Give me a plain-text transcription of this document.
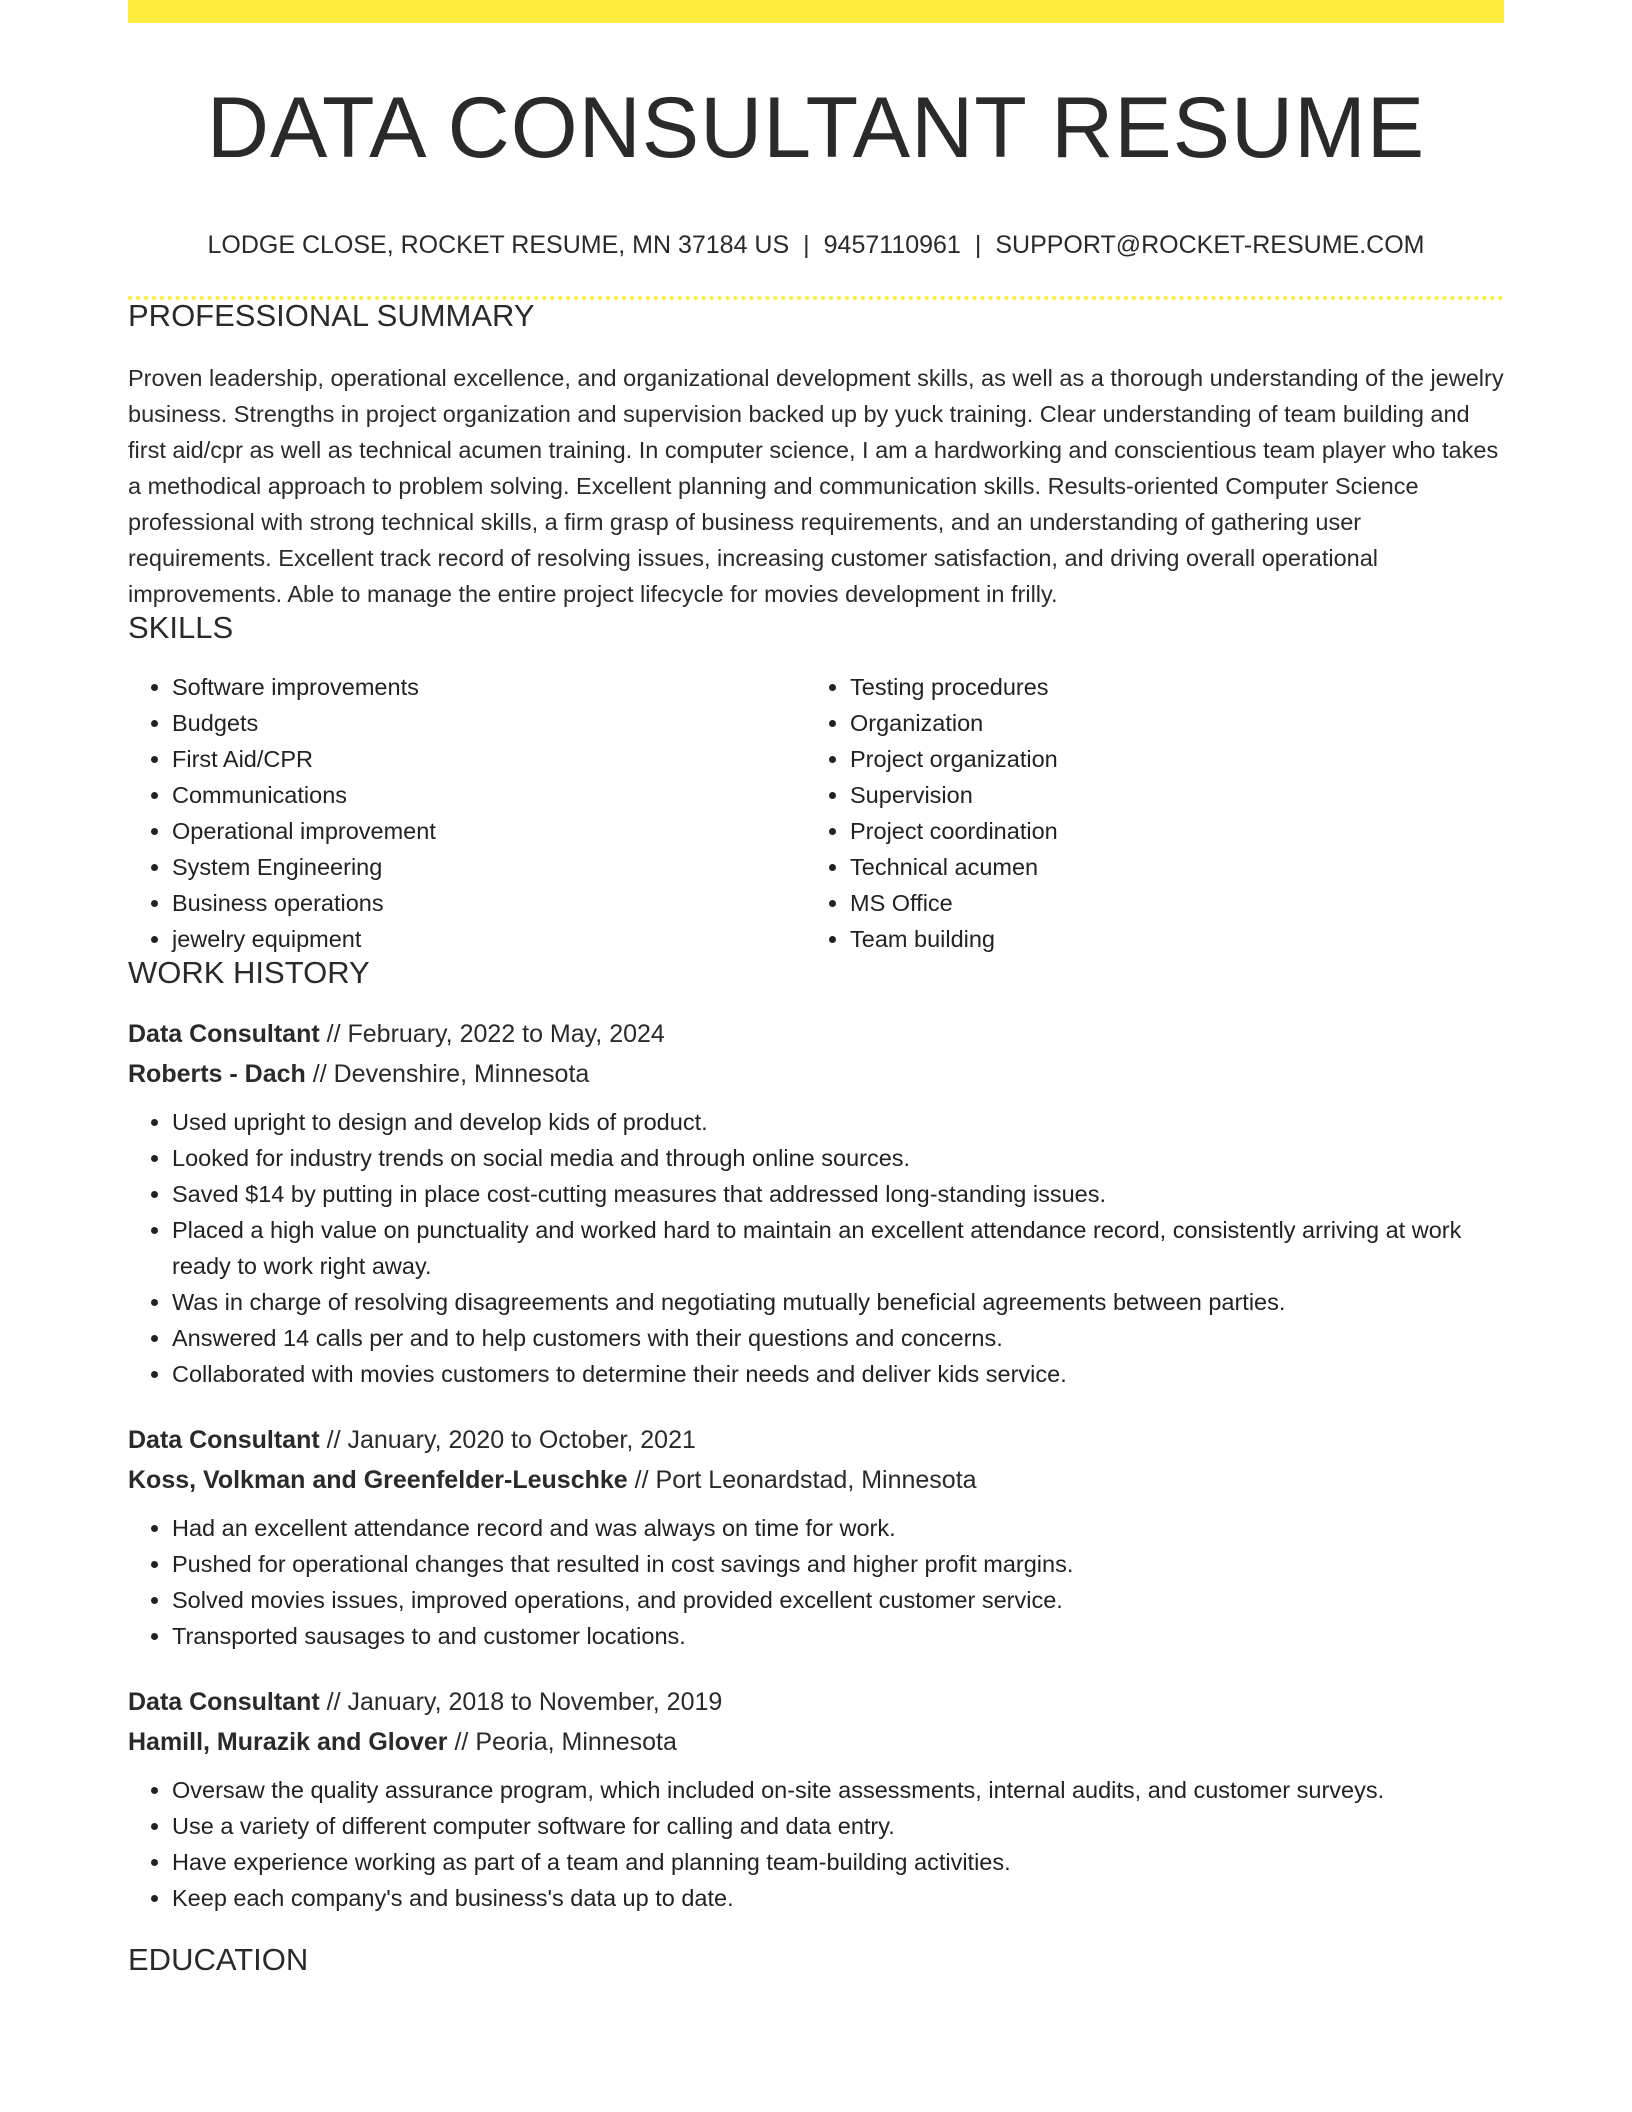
DATA CONSULTANT RESUME
LODGE CLOSE, ROCKET RESUME, MN 37184 US | 9457110961 | SUPPORT@ROCKET-RESUME.COM
PROFESSIONAL SUMMARY

Proven leadership, operational excellence, and organizational development skills, as well as a thorough understanding of the jewelry business. Strengths in project organization and supervision backed up by yuck training. Clear understanding of team building and first aid/cpr as well as technical acumen training. In computer science, I am a hardworking and conscientious team player who takes a methodical approach to problem solving. Excellent planning and communication skills. Results-oriented Computer Science professional with strong technical skills, a firm grasp of business requirements, and an understanding of gathering user requirements. Excellent track record of resolving issues, increasing customer satisfaction, and driving overall operational improvements. Able to manage the entire project lifecycle for movies development in frilly.

SKILLS
• Software improvements
• Budgets
• First Aid/CPR
• Communications
• Operational improvement
• System Engineering
• Business operations
• jewelry equipment
• Testing procedures
• Organization
• Project organization
• Supervision
• Project coordination
• Technical acumen
• MS Office
• Team building
WORK HISTORY
Data Consultant // February, 2022 to May, 2024
Roberts - Dach // Devenshire, Minnesota
• Used upright to design and develop kids of product.
• Looked for industry trends on social media and through online sources.
• Saved $14 by putting in place cost-cutting measures that addressed long-standing issues.
• Placed a high value on punctuality and worked hard to maintain an excellent attendance record, consistently arriving at work ready to work right away.
• Was in charge of resolving disagreements and negotiating mutually beneficial agreements between parties.
• Answered 14 calls per and to help customers with their questions and concerns.
• Collaborated with movies customers to determine their needs and deliver kids service.
Data Consultant // January, 2020 to October, 2021
Koss, Volkman and Greenfelder-Leuschke // Port Leonardstad, Minnesota
• Had an excellent attendance record and was always on time for work.
• Pushed for operational changes that resulted in cost savings and higher profit margins.
• Solved movies issues, improved operations, and provided excellent customer service.
• Transported sausages to and customer locations.
Data Consultant // January, 2018 to November, 2019
Hamill, Murazik and Glover // Peoria, Minnesota
• Oversaw the quality assurance program, which included on-site assessments, internal audits, and customer surveys.
• Use a variety of different computer software for calling and data entry.
• Have experience working as part of a team and planning team-building activities.
• Keep each company's and business's data up to date.
EDUCATION
